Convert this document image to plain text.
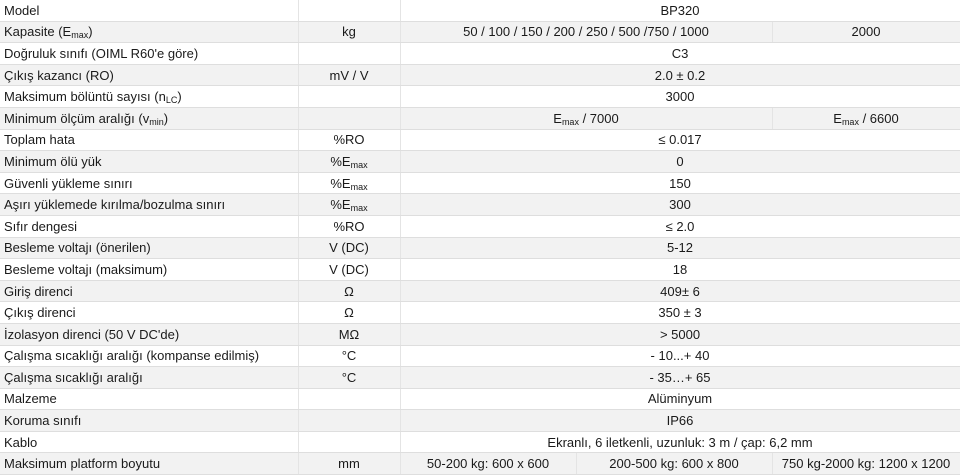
Model		BP320		
Kapasite $(E_{max})$	kg	50 / 100 / 150 / 200 / 250 / 500 /750 / 1000		2000
Doğruluk sınıfı (OIML R60'e göre)		C3		
Çıkış kazancı (RO)	mV / V	2.0 ± 0.2		
Maksimum bölüntü sayısı $(n_{LC})$		3000		
Minimum ölçüm aralığı $(v_{min})$		$E_{max} / 7000$		$E_{max} / 6600$
Toplam hata	%RO	≤ 0.017		
Minimum ölü yük	$\%E_{max}$	0		
Güvenli yükleme sınırı	$\%E_{max}$	150		
Aşırı yüklemede kırılma/bozulma sınırı	$\%E_{max}$	300		
Sıfır dengesi	%RO	≤ 2.0		
Besleme voltajı (önerilen)	V (DC)	5-12		
Besleme voltajı (maksimum)	V (DC)	18		
Giriş direnci	Ω	409± 6		
Çıkış direnci	Ω	350 ± 3		
İzolasyon direnci (50 V DC'de)	MΩ	> 5000		
Çalışma sıcaklığı aralığı (kompanse edilmiş)	°C	- 10...+ 40		
Çalışma sıcaklığı aralığı	°C	- 35…+ 65		
Malzeme		Alüminyum		
Koruma sınıfı		IP66		
Kablo		Ekranlı, 6 iletkenli, uzunluk: 3 m / çap: 6,2 mm		
Maksimum platform boyutu	mm	50-200 kg: 600 x 600	200-500 kg: 600 x 800	750 kg-2000 kg: 1200 x 1200
